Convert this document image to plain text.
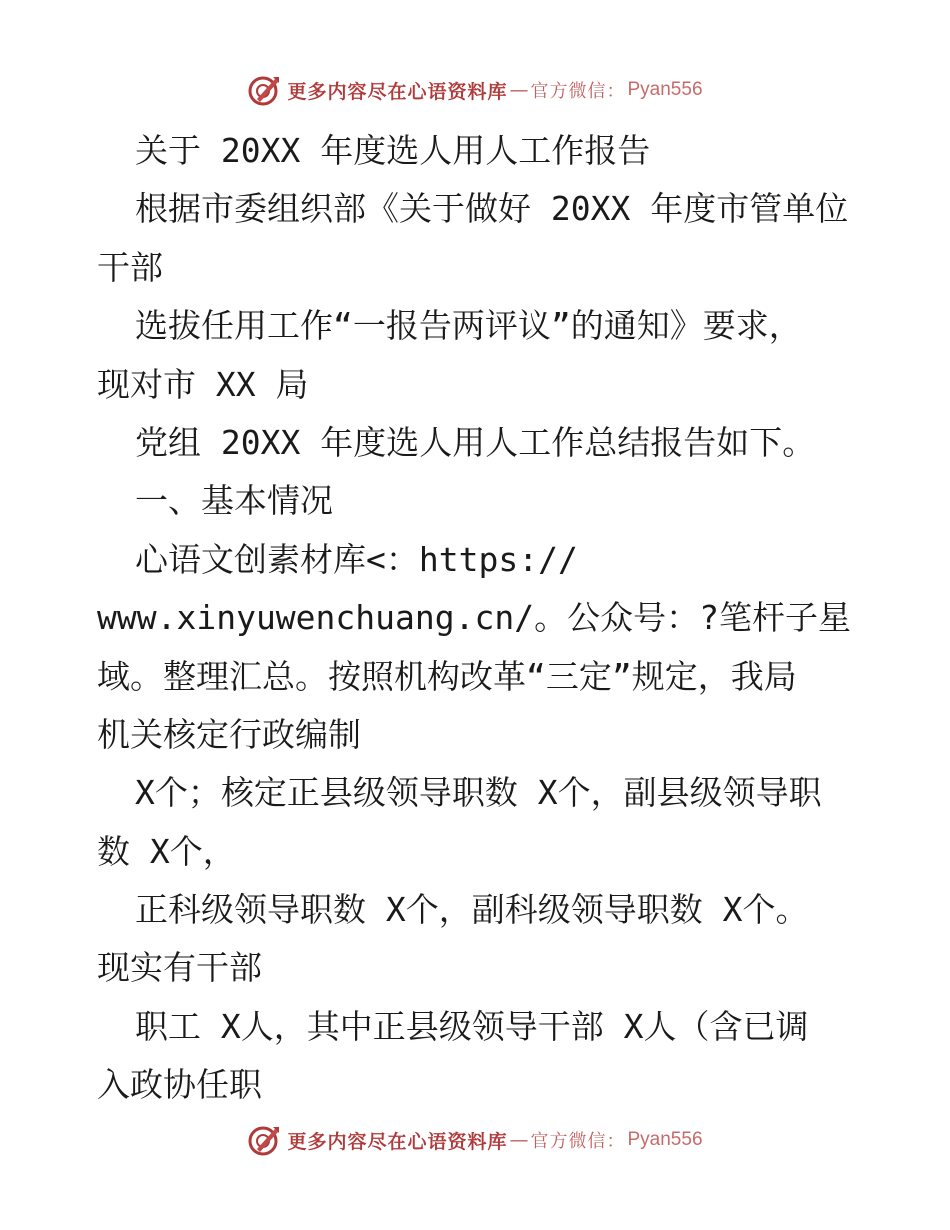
更多内容尽在心语资料库 — 官方微信： Pyan556
关于 20XX 年度选人用人工作报告
根据市委组织部《关于做好 20XX 年度市管单位
干部
选拔任用工作“一报告两评议”的通知》要求，
现对市 XX 局
党组 20XX 年度选人用人工作总结报告如下。
一、基本情况
心语文创素材库<：https://
www.xinyuwenchuang.cn/。公众号：?笔杆子星
域。整理汇总。按照机构改革“三定”规定，我局
机关核定行政编制
X个；核定正县级领导职数 X个，副县级领导职
数 X个，
正科级领导职数 X个，副科级领导职数 X个。
现实有干部
职工 X人，其中正县级领导干部 X人（含已调
入政协任职
更多内容尽在心语资料库 — 官方微信： Pyan556
